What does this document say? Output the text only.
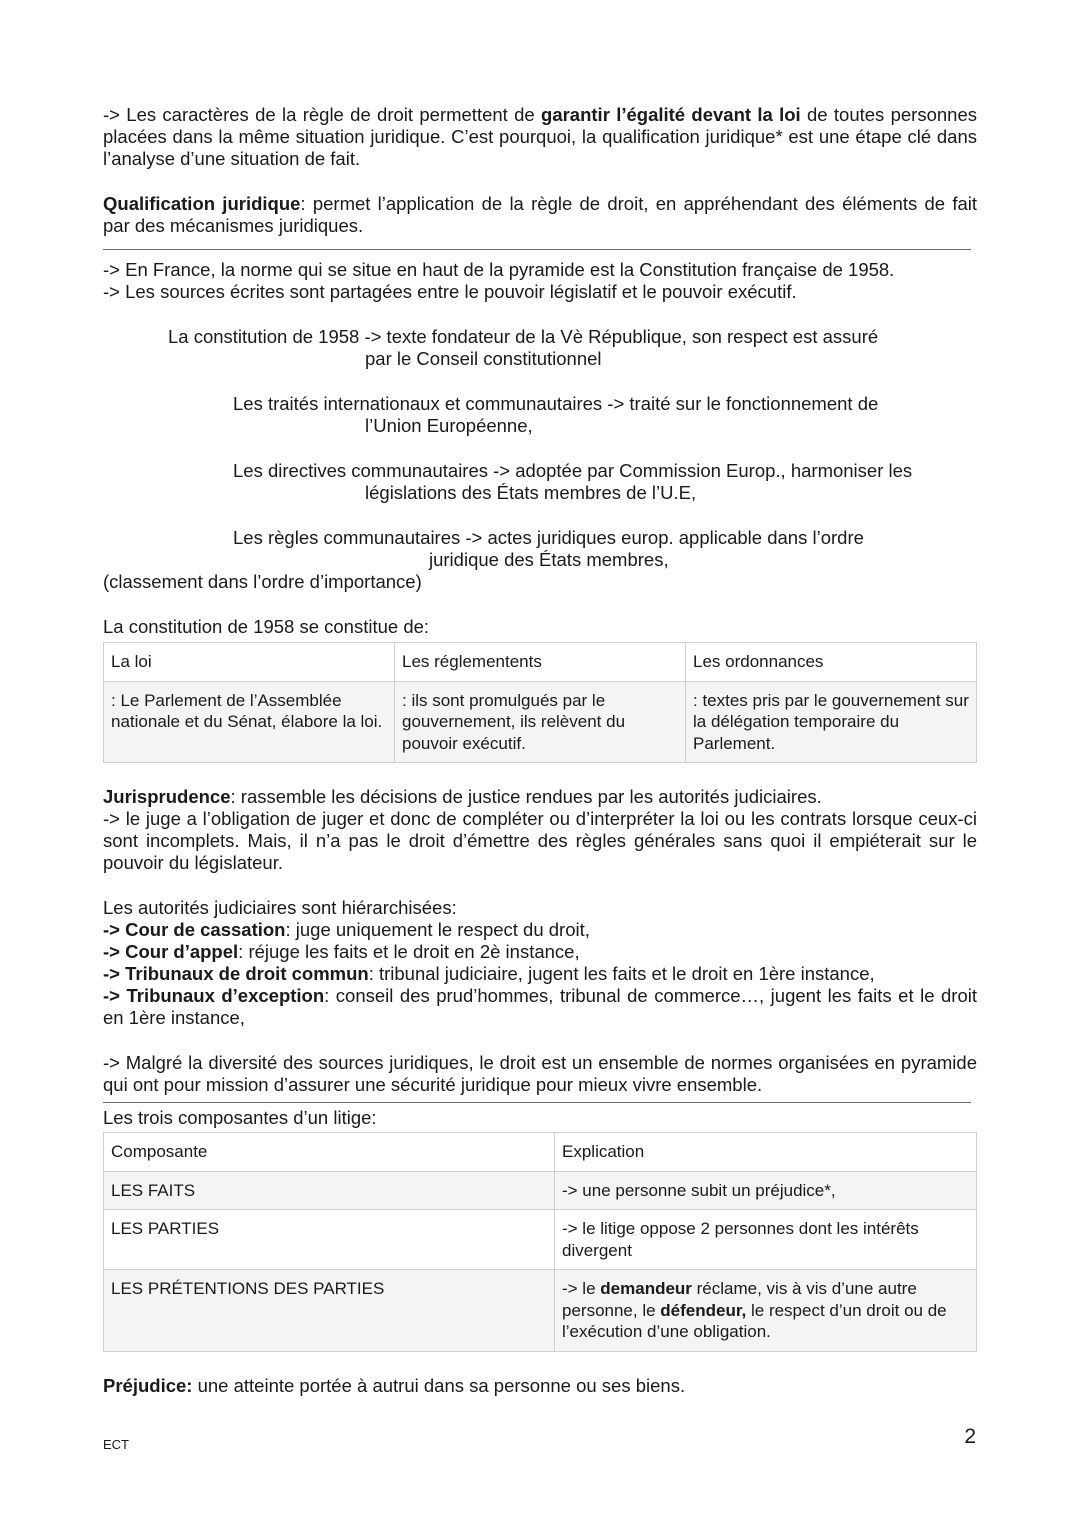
-> Les caractères de la règle de droit permettent de garantir l’égalité devant la loi de toutes personnes placées dans la même situation juridique. C’est pourquoi, la qualification juridique* est une étape clé dans l’analyse d’une situation de fait.

Qualification juridique: permet l’application de la règle de droit, en appréhendant des éléments de fait par des mécanismes juridiques.

-> En France, la norme qui se situe en haut de la pyramide est la Constitution française de 1958.

-> Les sources écrites sont partagées entre le pouvoir législatif et le pouvoir exécutif.

La constitution de 1958 -> texte fondateur de la Vè République, son respect est assuré

par le Conseil constitutionnel

Les traités internationaux et communautaires -> traité sur le fonctionnement de

l’Union Européenne,

Les directives communautaires -> adoptée par Commission Europ., harmoniser les

législations des États membres de l’U.E,

Les règles communautaires -> actes juridiques europ. applicable dans l’ordre

juridique des États membres,

(classement dans l’ordre d’importance)

La constitution de 1958 se constitue de:

La loi	Les réglementents	Les ordonnances
: Le Parlement de l’Assemblée nationale et du Sénat, élabore la loi.	: ils sont promulgués par le gouvernement, ils relèvent du pouvoir exécutif.	: textes pris par le gouvernement sur la délégation temporaire du Parlement.

Jurisprudence: rassemble les décisions de justice rendues par les autorités judiciaires.

-> le juge a l’obligation de juger et donc de compléter ou d’interpréter la loi ou les contrats lorsque ceux-ci sont incomplets. Mais, il n’a pas le droit d’émettre des règles générales sans quoi il empiéterait sur le pouvoir du législateur.

Les autorités judiciaires sont hiérarchisées:

-> Cour de cassation: juge uniquement le respect du droit,

-> Cour d’appel: réjuge les faits et le droit en 2è instance,

-> Tribunaux de droit commun: tribunal judiciaire, jugent les faits et le droit en 1ère instance,

-> Tribunaux d’exception: conseil des prud’hommes, tribunal de commerce…, jugent les faits et le droit en 1ère instance,

-> Malgré la diversité des sources juridiques, le droit est un ensemble de normes organisées en pyramide qui ont pour mission d’assurer une sécurité juridique pour mieux vivre ensemble.

Les trois composantes d’un litige:

Composante	Explication
LES FAITS	-> une personne subit un préjudice*,
LES PARTIES	-> le litige oppose 2 personnes dont les intérêts divergent
LES PRÉTENTIONS DES PARTIES	-> le demandeur réclame, vis à vis d’une autre personne, le défendeur, le respect d’un droit ou de l’exécution d’une obligation.

Préjudice: une atteinte portée à autrui dans sa personne ou ses biens.

ECT	2
